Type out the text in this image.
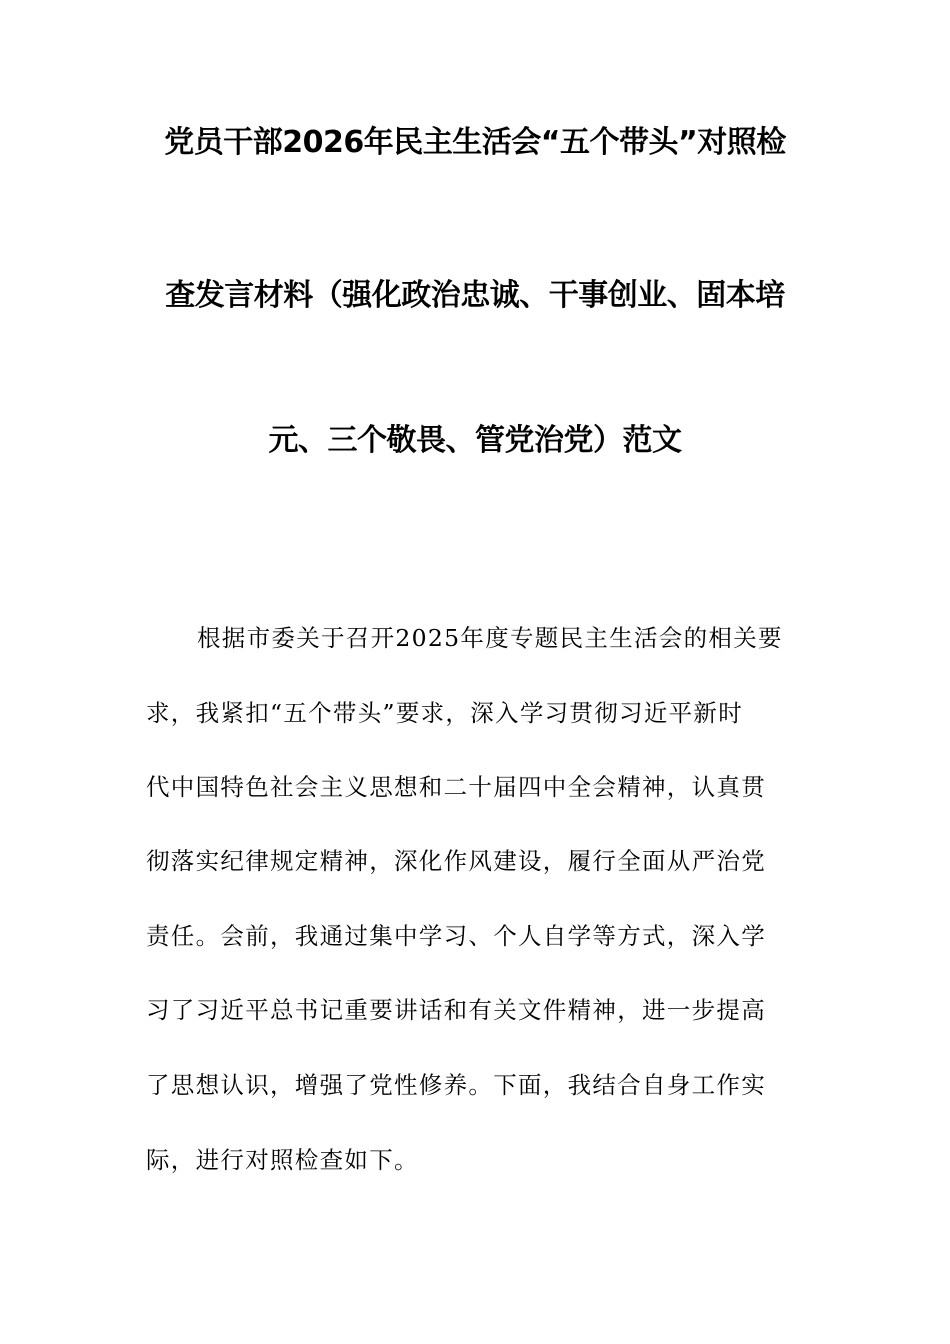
党员干部2026年民主生活会“五个带头”对照检
查发言材料（强化政治忠诚、干事创业、固本培
元、三个敬畏、管党治党）范文
根据市委关于召开2025年度专题民主生活会的相关要
求，我紧扣“五个带头”要求，深入学习贯彻习近平新时
代中国特色社会主义思想和二十届四中全会精神，认真贯
彻落实纪律规定精神，深化作风建设，履行全面从严治党
责任。会前，我通过集中学习、个人自学等方式，深入学
习了习近平总书记重要讲话和有关文件精神，进一步提高
了思想认识，增强了党性修养。下面，我结合自身工作实
际，进行对照检查如下。
